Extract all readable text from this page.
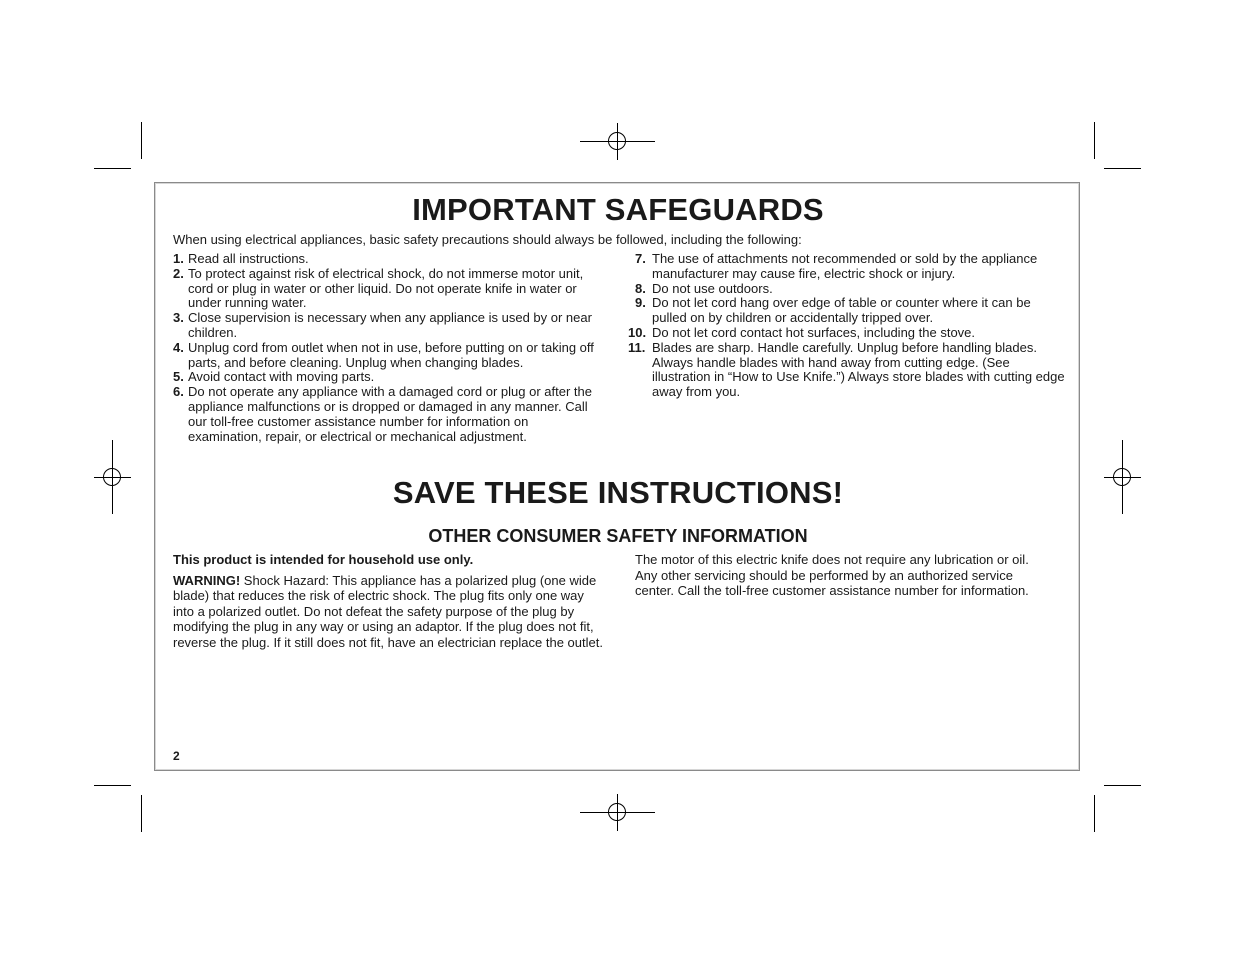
IMPORTANT SAFEGUARDS

When using electrical appliances, basic safety precautions should always be followed, including the following:

1. Read all instructions.
2. To protect against risk of electrical shock, do not immerse motor unit, cord or plug in water or other liquid. Do not operate knife in water or under running water.
3. Close supervision is necessary when any appliance is used by or near children.
4. Unplug cord from outlet when not in use, before putting on or taking off parts, and before cleaning. Unplug when changing blades.
5. Avoid contact with moving parts.
6. Do not operate any appliance with a damaged cord or plug or after the appliance malfunctions or is dropped or damaged in any manner. Call our toll-free customer assistance number for information on examination, repair, or electrical or mechanical adjustment.
7. The use of attachments not recommended or sold by the appliance manufacturer may cause fire, electric shock or injury.
8. Do not use outdoors.
9. Do not let cord hang over edge of table or counter where it can be pulled on by children or accidentally tripped over.
10. Do not let cord contact hot surfaces, including the stove.
11. Blades are sharp. Handle carefully. Unplug before handling blades. Always handle blades with hand away from cutting edge. (See illustration in “How to Use Knife.”) Always store blades with cutting edge away from you.
SAVE THESE INSTRUCTIONS!
OTHER CONSUMER SAFETY INFORMATION

This product is intended for household use only.

WARNING! Shock Hazard: This appliance has a polarized plug (one wide blade) that reduces the risk of electric shock. The plug fits only one way into a polarized outlet. Do not defeat the safety purpose of the plug by modifying the plug in any way or using an adaptor. If the plug does not fit, reverse the plug. If it still does not fit, have an electrician replace the outlet.

The motor of this electric knife does not require any lubrication or oil. Any other servicing should be performed by an authorized service center. Call the toll-free customer assistance number for information.

2
